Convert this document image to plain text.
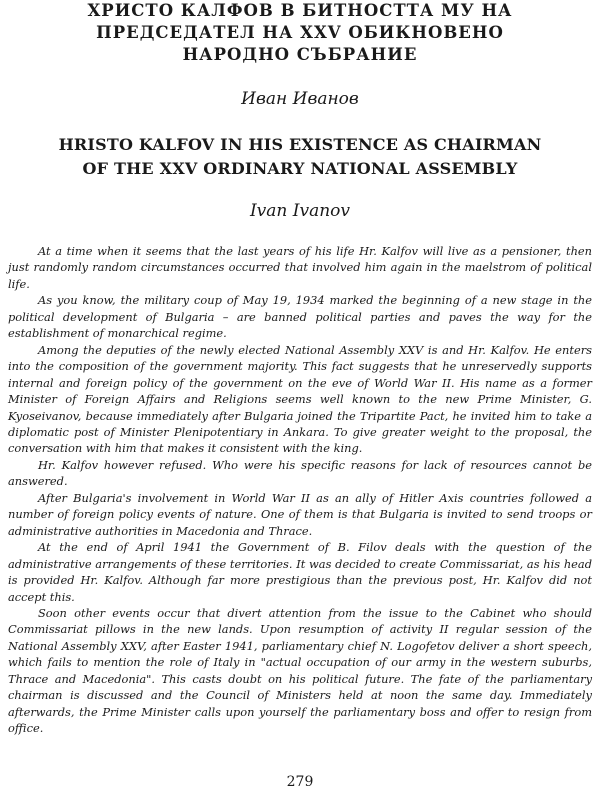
ХРИСТО КАЛФОВ В БИТНОСТТА МУ НА
ПРЕДСЕДАТЕЛ НА XXV ОБИКНОВЕНО
НАРОДНО СЪБРАНИЕ
Иван Иванов
HRISTO KALFOV IN HIS EXISTENCE AS CHAIRMAN
OF THE XXV ORDINARY NATIONAL ASSEMBLY
Ivan Ivanov

At a time when it seems that the last years of his life Hr. Kalfov will live as a pensioner, then just randomly random circumstances occurred that involved him again in the maelstrom of political life.

As you know, the military coup of May 19, 1934 marked the beginning of a new stage in the political development of Bulgaria – are banned political parties and paves the way for the establishment of monarchical regime.

Among the deputies of the newly elected National Assembly XXV is and Hr. Kalfov. He enters into the composition of the government majority. This fact suggests that he unreservedly supports internal and foreign policy of the government on the eve of World War II. His name as a former Minister of Foreign Affairs and Religions seems well known to the new Prime Minister, G. Kyoseivanov, because immediately after Bulgaria joined the Tripartite Pact, he invited him to take a diplomatic post of Minister Plenipotentiary in Ankara. To give greater weight to the proposal, the conversation with him that makes it consistent with the king.

Hr. Kalfov however refused. Who were his specific reasons for lack of resources cannot be answered.

After Bulgaria's involvement in World War II as an ally of Hitler Axis countries followed a number of foreign policy events of nature. One of them is that Bulgaria is invited to send troops or administrative authorities in Macedonia and Thrace.

At the end of April 1941 the Government of B. Filov deals with the question of the administrative arrangements of these territories. It was decided to create Commissariat, as his head is provided Hr. Kalfov. Although far more prestigious than the previous post, Hr. Kalfov did not accept this.

Soon other events occur that divert attention from the issue to the Cabinet who should Commissariat pillows in the new lands. Upon resumption of activity II regular session of the National Assembly XXV, after Easter 1941, parliamentary chief N. Logofetov deliver a short speech, which fails to mention the role of Italy in "actual occupation of our army in the western suburbs, Thrace and Macedonia". This casts doubt on his political future. The fate of the parliamentary chairman is discussed and the Council of Ministers held at noon the same day. Immediately afterwards, the Prime Minister calls upon yourself the parliamentary boss and offer to resign from office.

279
